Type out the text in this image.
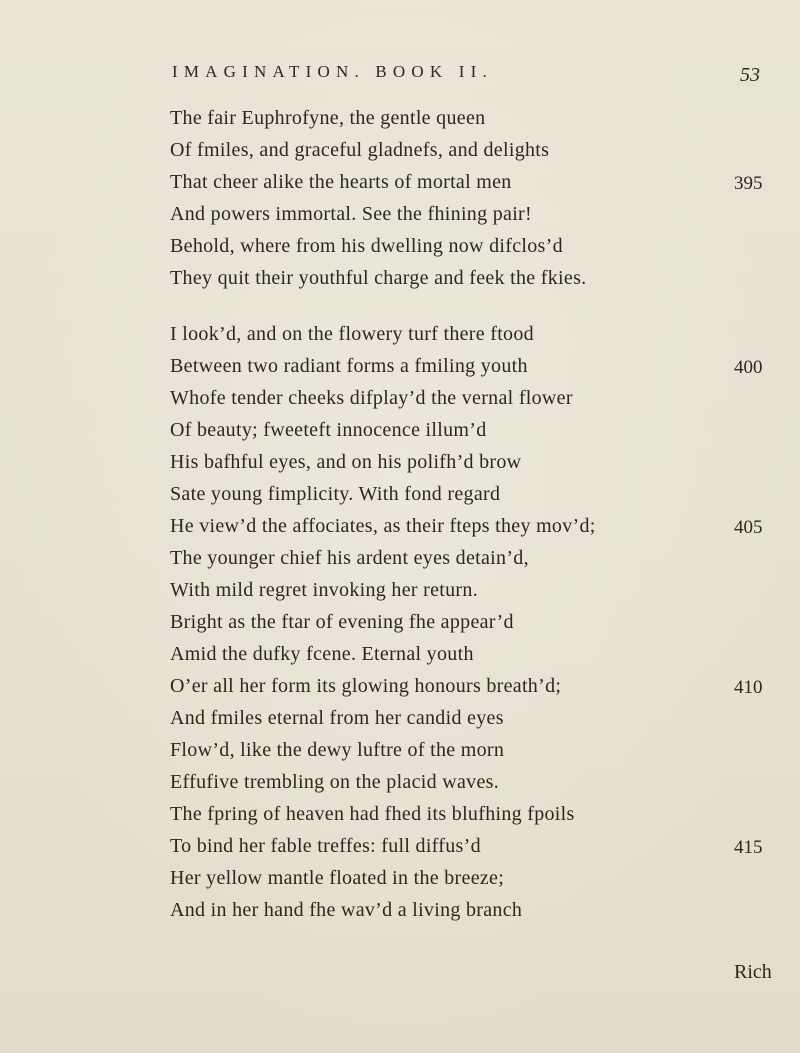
IMAGINATION. BOOK II.	53
The fair Euphrofyne, the gentle queen
Of fmiles, and graceful gladnefs, and delights
That cheer alike the hearts of mortal men
And powers immortal. See the fhining pair!
Behold, where from his dwelling now difclos’d
They quit their youthful charge and feek the fkies.
I look’d, and on the flowery turf there ftood
Between two radiant forms a fmiling youth
Whofe tender cheeks difplay’d the vernal flower
Of beauty; fweeteft innocence illum’d
His bafhful eyes, and on his polifh’d brow
Sate young fimplicity. With fond regard
He view’d the affociates, as their fteps they mov’d;
The younger chief his ardent eyes detain’d,
With mild regret invoking her return.
Bright as the ftar of evening fhe appear’d
Amid the dufky fcene. Eternal youth
O’er all her form its glowing honours breath’d;
And fmiles eternal from her candid eyes
Flow’d, like the dewy luftre of the morn
Effufive trembling on the placid waves.
The fpring of heaven had fhed its blufhing fpoils
To bind her fable treffes: full diffus’d
Her yellow mantle floated in the breeze;
And in her hand fhe wav’d a living branch
395
400
405
410
415
Rich
